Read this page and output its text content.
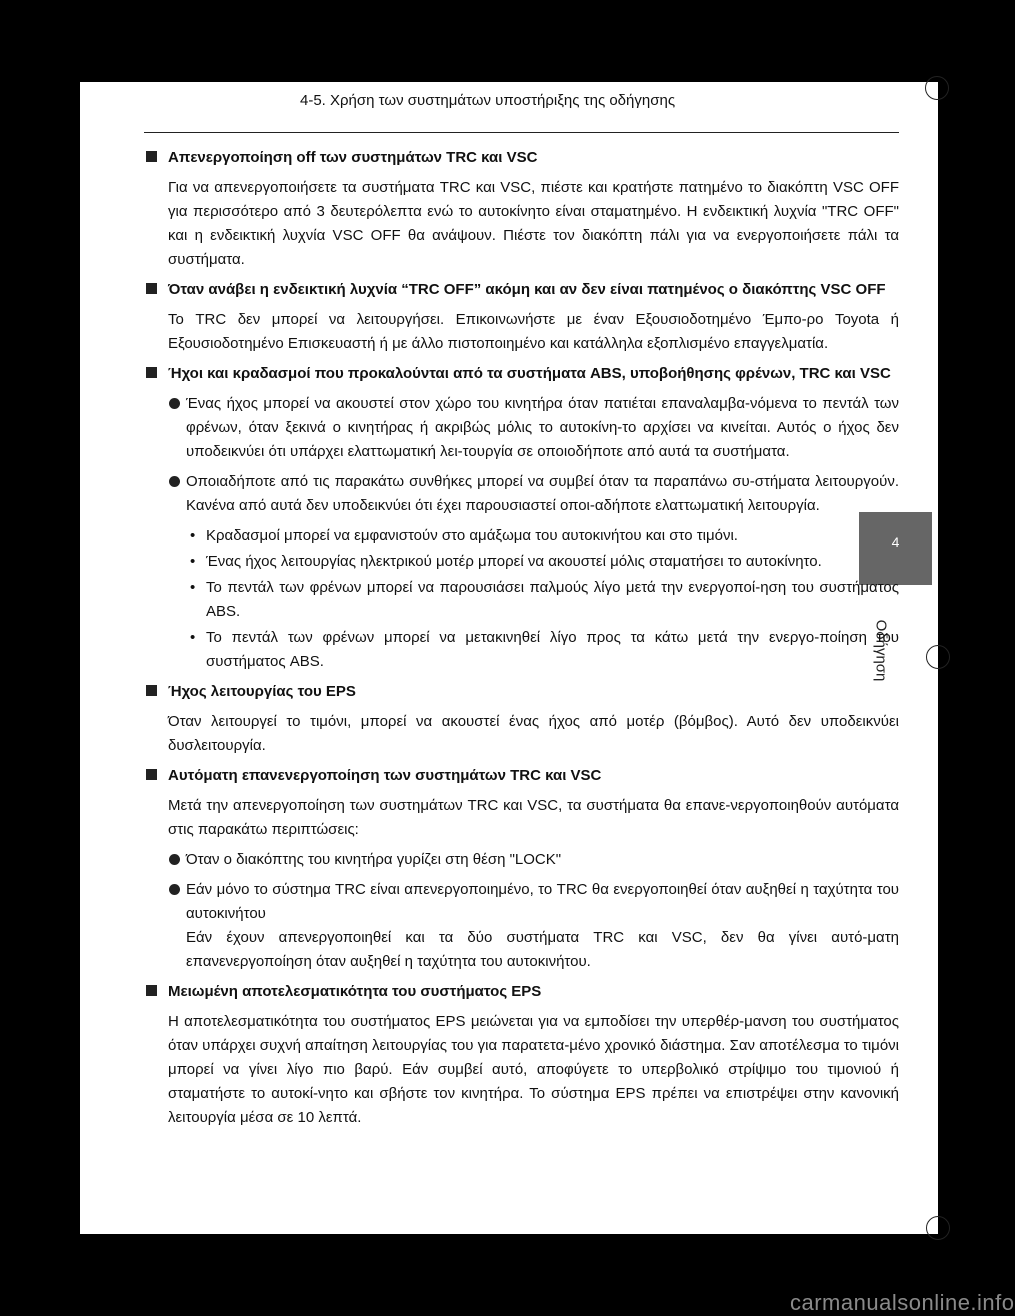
4-5. Χρήση των συστημάτων υποστήριξης της οδήγησης
4
Οδήγηση
Απενεργοποίηση off των συστημάτων TRC και VSC
Για να απενεργοποιήσετε τα συστήματα TRC και VSC, πιέστε και κρατήστε πατημένο το διακόπτη VSC OFF για περισσότερο από 3 δευτερόλεπτα ενώ το αυτοκίνητο είναι σταματημένο. Η ενδεικτική λυχνία "TRC OFF" και η ενδεικτική λυχνία VSC OFF θα ανάψουν. Πιέστε τον διακόπτη πάλι για να ενεργοποιήσετε πάλι τα συστήματα.
Όταν ανάβει η ενδεικτική λυχνία “TRC OFF” ακόμη και αν δεν είναι πατημένος ο διακόπτης VSC OFF
Το TRC δεν μπορεί να λειτουργήσει. Επικοινωνήστε με έναν Εξουσιοδοτημένο Έμπο-ρο Toyota ή Εξουσιοδοτημένο Επισκευαστή ή με άλλο πιστοποιημένο και κατάλληλα εξοπλισμένο επαγγελματία.
Ήχοι και κραδασμοί που προκαλούνται από τα συστήματα ABS, υποβοήθησης φρένων, TRC και VSC
Ένας ήχος μπορεί να ακουστεί στον χώρο του κινητήρα όταν πατιέται επαναλαμβα-νόμενα το πεντάλ των φρένων, όταν ξεκινά ο κινητήρας ή ακριβώς μόλις το αυτοκίνη-το αρχίσει να κινείται. Αυτός ο ήχος δεν υποδεικνύει ότι υπάρχει ελαττωματική λει-τουργία σε οποιοδήποτε από αυτά τα συστήματα.
Οποιαδήποτε από τις παρακάτω συνθήκες μπορεί να συμβεί όταν τα παραπάνω συ-στήματα λειτουργούν. Κανένα από αυτά δεν υποδεικνύει ότι έχει παρουσιαστεί οποι-αδήποτε ελαττωματική λειτουργία.
• Κραδασμοί μπορεί να εμφανιστούν στο αμάξωμα του αυτοκινήτου και στο τιμόνι.
• Ένας ήχος λειτουργίας ηλεκτρικού μοτέρ μπορεί να ακουστεί μόλις σταματήσει το αυτοκίνητο.
• Το πεντάλ των φρένων μπορεί να παρουσιάσει παλμούς λίγο μετά την ενεργοποί-ηση του συστήματος ABS.
• Το πεντάλ των φρένων μπορεί να μετακινηθεί λίγο προς τα κάτω μετά την ενεργο-ποίηση του συστήματος ABS.
Ήχος λειτουργίας του EPS
Όταν λειτουργεί το τιμόνι, μπορεί να ακουστεί ένας ήχος από μοτέρ (βόμβος). Αυτό δεν υποδεικνύει δυσλειτουργία.
Αυτόματη επανενεργοποίηση των συστημάτων TRC και VSC
Μετά την απενεργοποίηση των συστημάτων TRC και VSC, τα συστήματα θα επανε-νεργοποιηθούν αυτόματα στις παρακάτω περιπτώσεις:
Όταν ο διακόπτης του κινητήρα γυρίζει στη θέση "LOCK"
Εάν μόνο το σύστημα TRC είναι απενεργοποιημένο, το TRC θα ενεργοποιηθεί όταν αυξηθεί η ταχύτητα του αυτοκινήτου
Εάν έχουν απενεργοποιηθεί και τα δύο συστήματα TRC και VSC, δεν θα γίνει αυτό-ματη επανενεργοποίηση όταν αυξηθεί η ταχύτητα του αυτοκινήτου.
Μειωμένη αποτελεσματικότητα του συστήματος EPS
Η αποτελεσματικότητα του συστήματος EPS μειώνεται για να εμποδίσει την υπερθέρ-μανση του συστήματος όταν υπάρχει συχνή απαίτηση λειτουργίας του για παρατετα-μένο χρονικό διάστημα. Σαν αποτέλεσμα το τιμόνι μπορεί να γίνει λίγο πιο βαρύ. Εάν συμβεί αυτό, αποφύγετε το υπερβολικό στρίψιμο του τιμονιού ή σταματήστε το αυτοκί-νητο και σβήστε τον κινητήρα. Το σύστημα EPS πρέπει να επιστρέψει στην κανονική λειτουργία μέσα σε 10 λεπτά.
carmanualsonline.info
